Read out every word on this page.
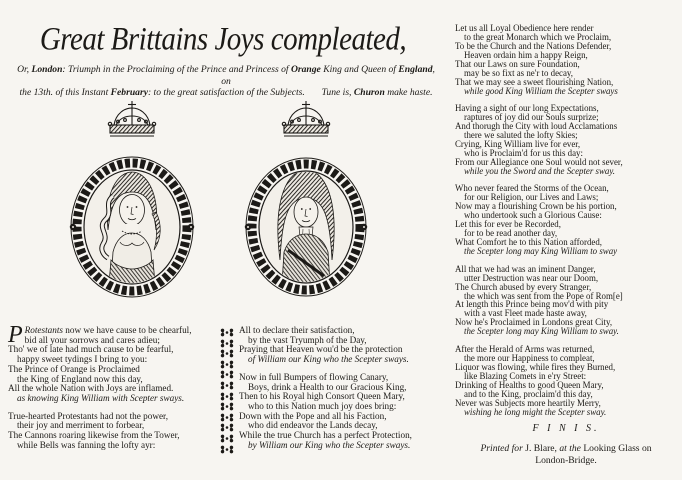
Great Brittains Joys compleated,
Or, London: Triumph in the Proclaiming of the Prince and Princess of Orange King and Queen of England, on
the 13th. of this Instant February: to the great satisfaction of the Subjects.       Tune is, Churon make haste.
P Rotestants now we have cause to be chearful,
bid all your sorrows and cares adieu;
Tho' we of late had much cause to be fearful,
happy sweet tydings I bring to you:
The Prince of Orange is Proclaimed
the King of England now this day,
All the whole Nation with Joys are inflamed.
as knowing King William with Scepter sways.
True-hearted Protestants had not the power,
their joy and merriment to forbear,
The Cannons roaring likewise from the Tower,
while Bells was fanning the lofty ayr:
All to declare their satisfaction,
by the vast Tryumph of the Day,
Praying that Heaven wou'd be the protection
of William our King who the Scepter sways.
Now in full Bumpers of flowing Canary,
Boys, drink a Health to our Gracious King,
Then to his Royal high Consort Queen Mary,
who to this Nation much joy does bring:
Down with the Pope and all his Faction,
who did endeavor the Lands decay,
While the true Church has a perfect Protection,
by William our King who the Scepter sways.
Let us all Loyal Obedience here render
to the great Monarch which we Proclaim,
To be the Church and the Nations Defender,
Heaven ordain him a happy Reign,
That our Laws on sure Foundation,
may be so fixt as ne'r to decay,
That we may see a sweet flourishing Nation,
while good King William the Scepter sways
Having a sight of our long Expectations,
raptures of joy did our Souls surprize;
And thorugh the City with loud Acclamations
there we saluted the lofty Skies;
Crying, King William live for ever,
who is Proclaim'd for us this day:
From our Allegiance one Soul would not sever,
while you the Sword and the Scepter sway.
Who never feared the Storms of the Ocean,
for our Religion, our Lives and Laws;
Now may a flourishing Crown be his portion,
who undertook such a Glorious Cause:
Let this for ever be Recorded,
for to be read another day,
What Comfort he to this Nation afforded,
the Scepter long may King William to sway
All that we had was an iminent Danger,
utter Destruction was near our Doom,
The Church abused by every Stranger,
the which was sent from the Pope of Rom[e]
At length this Prince being mov'd with pity
with a vast Fleet made haste away,
Now he's Proclaimed in Londons great City,
the Scepter long may King William to sway.
After the Herald of Arms was returned,
the more our Happiness to compleat,
Liquor was flowing, while fires they Burned,
like Blazing Comets in e'ry Street:
Drinking of Healths to good Queen Mary,
and to the King, proclaim'd this day,
Never was Subjects more heartily Merry,
wishing he long might the Scepter sway.
F I N I S.
Printed for J. Blare, at the Looking Glass on
London-Bridge.
